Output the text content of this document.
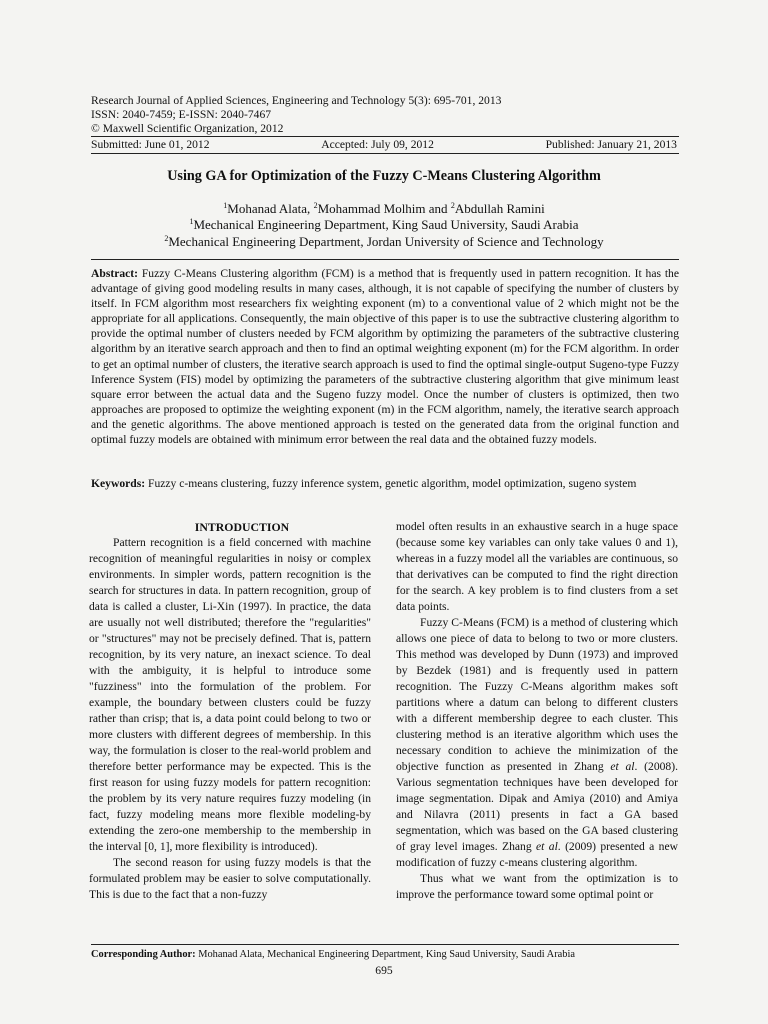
Research Journal of Applied Sciences, Engineering and Technology 5(3): 695-701, 2013
ISSN: 2040-7459; E-ISSN: 2040-7467
© Maxwell Scientific Organization, 2012
Submitted: June 01, 2012	Accepted: July 09, 2012	Published: January 21, 2013
Using GA for Optimization of the Fuzzy C-Means Clustering Algorithm
$^1$Mohanad Alata, $^2$Mohammad Molhim and $^2$Abdullah Ramini
$^1$Mechanical Engineering Department, King Saud University, Saudi Arabia
$^2$Mechanical Engineering Department, Jordan University of Science and Technology
Abstract: Fuzzy C-Means Clustering algorithm (FCM) is a method that is frequently used in pattern recognition. It has the advantage of giving good modeling results in many cases, although, it is not capable of specifying the number of clusters by itself. In FCM algorithm most researchers fix weighting exponent (m) to a conventional value of 2 which might not be the appropriate for all applications. Consequently, the main objective of this paper is to use the subtractive clustering algorithm to provide the optimal number of clusters needed by FCM algorithm by optimizing the parameters of the subtractive clustering algorithm by an iterative search approach and then to find an optimal weighting exponent (m) for the FCM algorithm. In order to get an optimal number of clusters, the iterative search approach is used to find the optimal single-output Sugeno-type Fuzzy Inference System (FIS) model by optimizing the parameters of the subtractive clustering algorithm that give minimum least square error between the actual data and the Sugeno fuzzy model. Once the number of clusters is optimized, then two approaches are proposed to optimize the weighting exponent (m) in the FCM algorithm, namely, the iterative search approach and the genetic algorithms. The above mentioned approach is tested on the generated data from the original function and optimal fuzzy models are obtained with minimum error between the real data and the obtained fuzzy models.
Keywords: Fuzzy c-means clustering, fuzzy inference system, genetic algorithm, model optimization, sugeno system

INTRODUCTION

Pattern recognition is a field concerned with machine recognition of meaningful regularities in noisy or complex environments. In simpler words, pattern recognition is the search for structures in data. In pattern recognition, group of data is called a cluster, Li-Xin (1997). In practice, the data are usually not well distributed; therefore the "regularities" or "structures" may not be precisely defined. That is, pattern recognition, by its very nature, an inexact science. To deal with the ambiguity, it is helpful to introduce some "fuzziness" into the formulation of the problem. For example, the boundary between clusters could be fuzzy rather than crisp; that is, a data point could belong to two or more clusters with different degrees of membership. In this way, the formulation is closer to the real-world problem and therefore better performance may be expected. This is the first reason for using fuzzy models for pattern recognition: the problem by its very nature requires fuzzy modeling (in fact, fuzzy modeling means more flexible modeling-by extending the zero-one membership to the membership in the interval [0, 1], more flexibility is introduced).

The second reason for using fuzzy models is that the formulated problem may be easier to solve computationally. This is due to the fact that a non-fuzzy

model often results in an exhaustive search in a huge space (because some key variables can only take values 0 and 1), whereas in a fuzzy model all the variables are continuous, so that derivatives can be computed to find the right direction for the search. A key problem is to find clusters from a set data points.

Fuzzy C-Means (FCM) is a method of clustering which allows one piece of data to belong to two or more clusters. This method was developed by Dunn (1973) and improved by Bezdek (1981) and is frequently used in pattern recognition. The Fuzzy C-Means algorithm makes soft partitions where a datum can belong to different clusters with a different membership degree to each cluster. This clustering method is an iterative algorithm which uses the necessary condition to achieve the minimization of the objective function as presented in Zhang et al. (2008). Various segmentation techniques have been developed for image segmentation. Dipak and Amiya (2010) and Amiya and Nilavra (2011) presents in fact a GA based segmentation, which was based on the GA based clustering of gray level images. Zhang et al. (2009) presented a new modification of fuzzy c-means clustering algorithm.

Thus what we want from the optimization is to improve the performance toward some optimal point or

Corresponding Author: Mohanad Alata, Mechanical Engineering Department, King Saud University, Saudi Arabia
695
